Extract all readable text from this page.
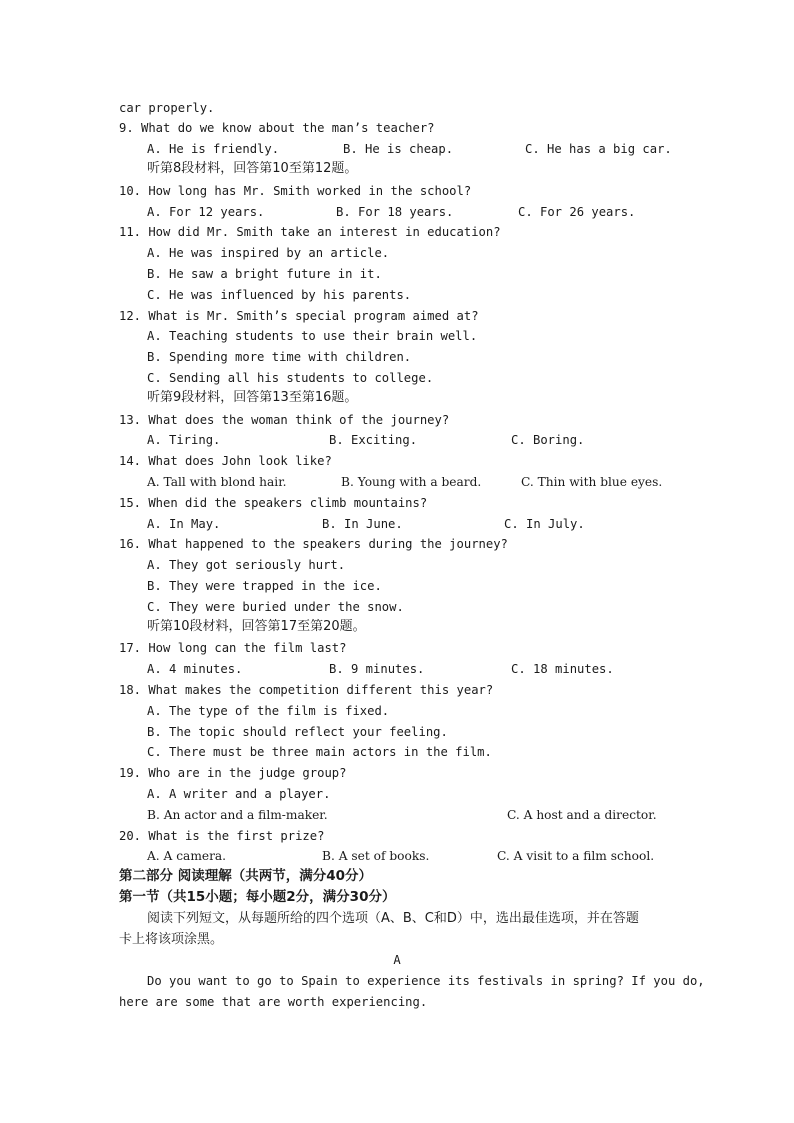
car properly.
9. What do we know about the man’s teacher?
A. He is friendly.	B. He is cheap.	C. He has a big car.
听第8段材料，回答第10至第12题。
10. How long has Mr. Smith worked in the school?
A. For 12 years.	B. For 18 years.	C. For 26 years.
11. How did Mr. Smith take an interest in education?
A. He was inspired by an article.
B. He saw a bright future in it.
C. He was influenced by his parents.
12. What is Mr. Smith’s special program aimed at?
A. Teaching students to use their brain well.
B. Spending more time with children.
C. Sending all his students to college.
听第9段材料，回答第13至第16题。
13. What does the woman think of the journey?
A. Tiring.	B. Exciting.	C. Boring.
14. What does John look like?
A. Tall with blond hair.	B. Young with a beard.	C. Thin with blue eyes.
15. When did the speakers climb mountains?
A. In May.	B. In June.	C. In July.
16. What happened to the speakers during the journey?
A. They got seriously hurt.
B. They were trapped in the ice.
C. They were buried under the snow.
听第10段材料，回答第17至第20题。
17. How long can the film last?
A. 4 minutes.	B. 9 minutes.	C. 18 minutes.
18. What makes the competition different this year?
A. The type of the film is fixed.
B. The topic should reflect your feeling.
C. There must be three main actors in the film.
19. Who are in the judge group?
A. A writer and a player.
B. An actor and a film-maker.	C. A host and a director.
20. What is the first prize?
A. A camera.	B. A set of books.	C. A visit to a film school.
第二部分 阅读理解（共两节，满分40分）
第一节（共15小题；每小题2分，满分30分）
阅读下列短文，从每题所给的四个选项（A、B、C和D）中，选出最佳选项，并在答题
卡上将该项涂黑。
A
Do you want to go to Spain to experience its festivals in spring? If you do,
here are some that are worth experiencing.
